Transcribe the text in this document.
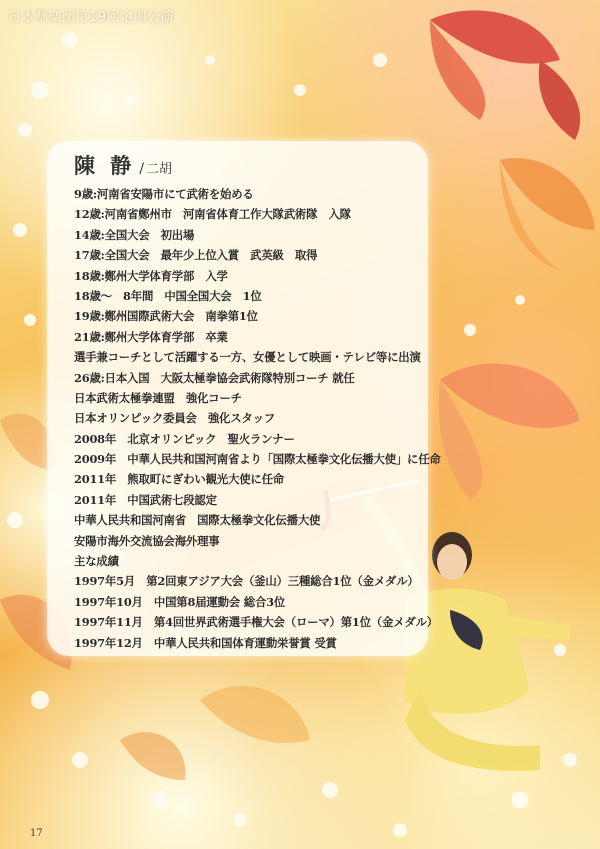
日本華楽団第19回定期公演
陳 静 / 二胡
9歳:河南省安陽市にて武術を始める
12歳:河南省鄭州市　河南省体育工作大隊武術隊　入隊
14歳:全国大会　初出場
17歳:全国大会　最年少上位入賞　武英級　取得
18歳:鄭州大学体育学部　入学
18歳〜　8年間　中国全国大会　1位
19歳:鄭州国際武術大会　南拳第1位
21歳:鄭州大学体育学部　卒業
選手兼コーチとして活躍する一方、女優として映画・テレビ等に出演
26歳:日本入国　大阪太極拳協会武術隊特別コーチ 就任
日本武術太極拳連盟　強化コーチ
日本オリンピック委員会　強化スタッフ
2008年　北京オリンピック　聖火ランナー
2009年　中華人民共和国河南省より「国際太極拳文化伝播大使」に任命
2011年　熊取町にぎわい観光大使に任命
2011年　中国武術七段認定
中華人民共和国河南省　国際太極拳文化伝播大使
安陽市海外交流協会海外理事
主な成績
1997年5月　第2回東アジア大会（釜山）三種総合1位（金メダル）
1997年10月　中国第8届運動会 総合3位
1997年11月　第4回世界武術選手権大会（ローマ）第1位（金メダル）
1997年12月　中華人民共和国体育運動栄誉賞 受賞
17
